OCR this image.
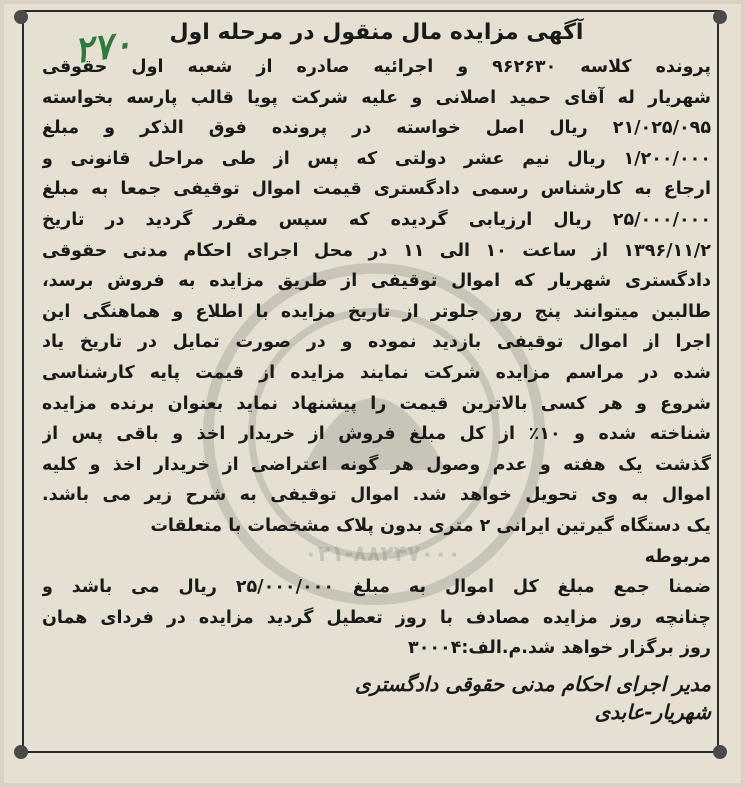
۰۲۱-۸۸۲۴۷۰۰۰
۲۷۰	آگهی مزایده مال منقول در مرحله اول
پرونده کلاسه ۹۶۲۶۳۰ و اجرائیه صادره از شعبه اول حقوقی
شهریار له آقای حمید اصلانی و علیه شرکت پویا قالب پارسه بخواسته
۲۱/۰۲۵/۰۹۵ ریال اصل خواسته در پرونده فوق الذکر و مبلغ
۱/۲۰۰/۰۰۰ ریال نیم عشر دولتی که پس از طی مراحل قانونی و
ارجاع به کارشناس رسمی دادگستری قیمت اموال توقیفی جمعا به مبلغ
۲۵/۰۰۰/۰۰۰ ریال ارزیابی گردیده که سپس مقرر گردید در تاریخ
۱۳۹۶/۱۱/۲ از ساعت ۱۰ الی ۱۱ در محل اجرای احکام مدنی حقوقی
دادگستری شهریار که اموال توقیفی از طریق مزایده به فروش برسد،
طالبین میتوانند پنج روز جلوتر از تاریخ مزایده با اطلاع و هماهنگی این
اجرا از اموال توقیفی بازدید نموده و در صورت تمایل در تاریخ یاد
شده در مراسم مزایده شرکت نمایند مزایده از قیمت پایه کارشناسی
شروع و هر کسی بالاترین قیمت را پیشنهاد نماید بعنوان برنده مزایده
شناخته شده و ۱۰٪ از کل مبلغ فروش از خریدار اخذ و باقی پس از
گذشت یک هفته و عدم وصول هر گونه اعتراضی از خریدار اخذ و کلیه
اموال به وی تحویل خواهد شد. اموال توقیفی به شرح زیر می باشد.
یک دستگاه گیرتین ایرانی ۲ متری بدون پلاک مشخصات با متعلقات
مربوطه
ضمنا جمع مبلغ کل اموال به مبلغ ۲۵/۰۰۰/۰۰۰ ریال می باشد و
چنانچه روز مزایده مصادف با روز تعطیل گردید مزایده در فردای همان
روز برگزار خواهد شد.م.الف:۳۰۰۰۴
مدیر اجرای احکام مدنی حقوقی دادگستری
شهریار-عابدی
